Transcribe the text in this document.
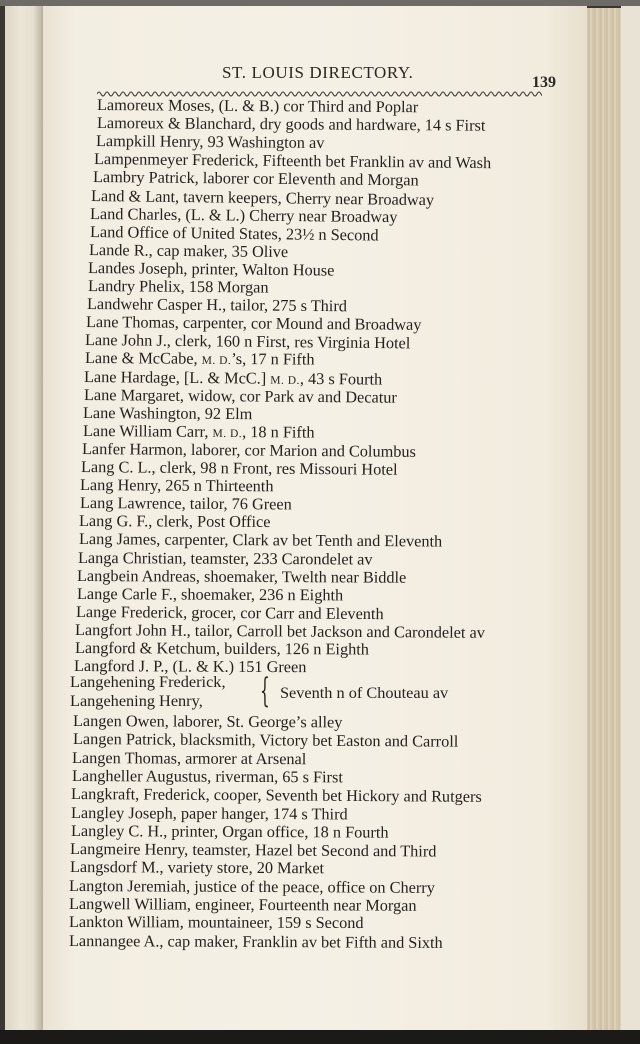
ST. LOUIS DIRECTORY.
139
Lamoreux Moses, (L. & B.) cor Third and Poplar
Lamoreux & Blanchard, dry goods and hardware, 14 s First
Lampkill Henry, 93 Washington av
Lampenmeyer Frederick, Fifteenth bet Franklin av and Wash
Lambry Patrick, laborer cor Eleventh and Morgan
Land & Lant, tavern keepers, Cherry near Broadway
Land Charles, (L. & L.) Cherry near Broadway
Land Office of United States, 23½ n Second
Lande R., cap maker, 35 Olive
Landes Joseph, printer, Walton House
Landry Phelix, 158 Morgan
Landwehr Casper H., tailor, 275 s Third
Lane Thomas, carpenter, cor Mound and Broadway
Lane John J., clerk, 160 n First, res Virginia Hotel
Lane & McCabe, M. D.’s, 17 n Fifth
Lane Hardage, [L. & McC.] M. D., 43 s Fourth
Lane Margaret, widow, cor Park av and Decatur
Lane Washington, 92 Elm
Lane William Carr, M. D., 18 n Fifth
Lanfer Harmon, laborer, cor Marion and Columbus
Lang C. L., clerk, 98 n Front, res Missouri Hotel
Lang Henry, 265 n Thirteenth
Lang Lawrence, tailor, 76 Green
Lang G. F., clerk, Post Office
Lang James, carpenter, Clark av bet Tenth and Eleventh
Langa Christian, teamster, 233 Carondelet av
Langbein Andreas, shoemaker, Twelth near Biddle
Lange Carle F., shoemaker, 236 n Eighth
Lange Frederick, grocer, cor Carr and Eleventh
Langfort John H., tailor, Carroll bet Jackson and Carondelet av
Langford & Ketchum, builders, 126 n Eighth
Langford J. P., (L. & K.) 151 Green
Langehening Frederick,
Langehening Henry,	{ Seventh n of Chouteau av
Langen Owen, laborer, St. George’s alley
Langen Patrick, blacksmith, Victory bet Easton and Carroll
Langen Thomas, armorer at Arsenal
Langheller Augustus, riverman, 65 s First
Langkraft, Frederick, cooper, Seventh bet Hickory and Rutgers
Langley Joseph, paper hanger, 174 s Third
Langley C. H., printer, Organ office, 18 n Fourth
Langmeire Henry, teamster, Hazel bet Second and Third
Langsdorf M., variety store, 20 Market
Langton Jeremiah, justice of the peace, office on Cherry
Langwell William, engineer, Fourteenth near Morgan
Lankton William, mountaineer, 159 s Second
Lannangee A., cap maker, Franklin av bet Fifth and Sixth
